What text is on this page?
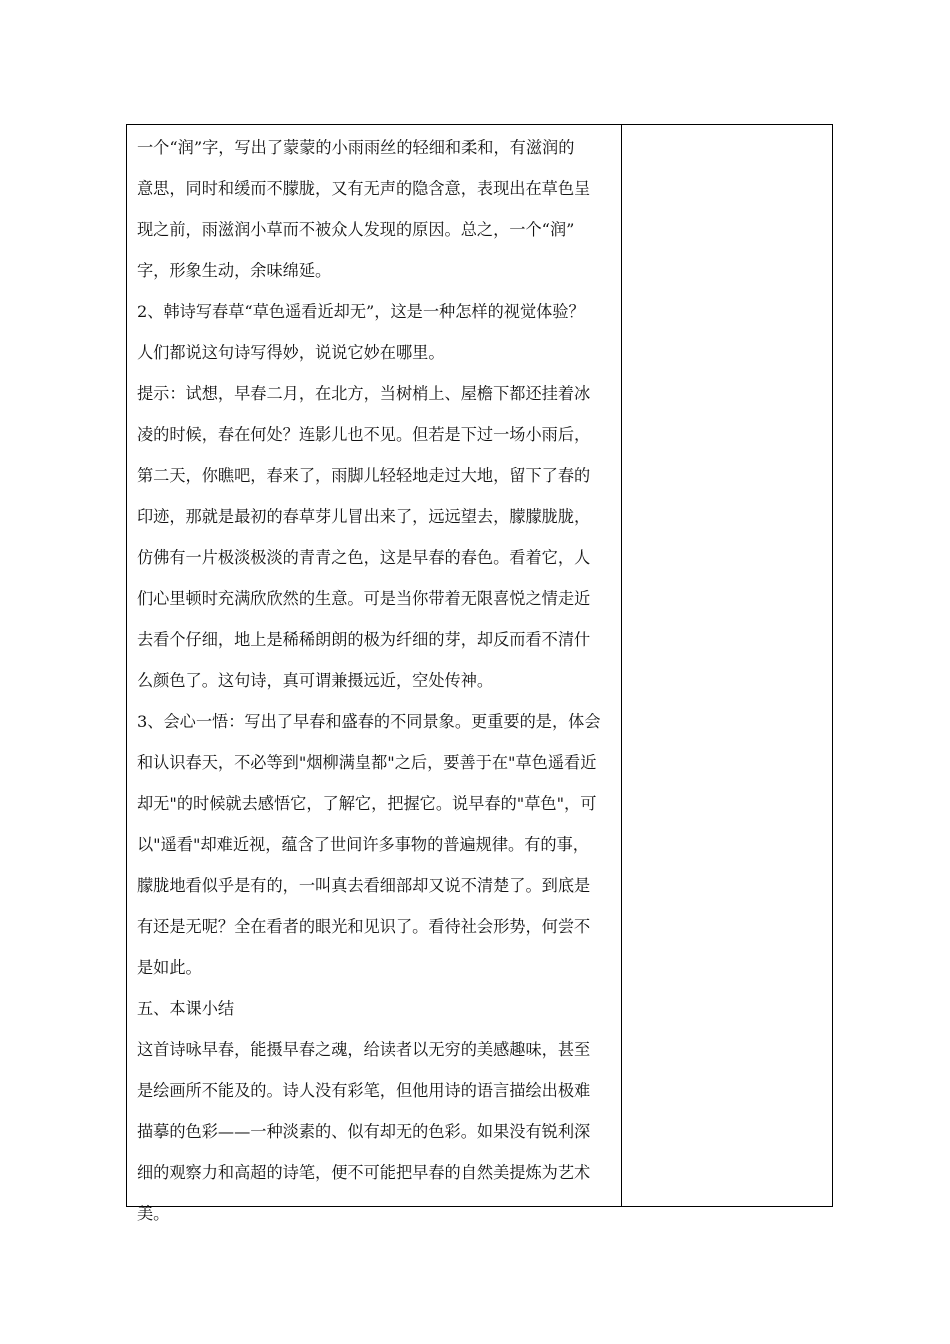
一个“润”字，写出了蒙蒙的小雨雨丝的轻细和柔和，有滋润的
意思，同时和缓而不朦胧，又有无声的隐含意，表现出在草色呈
现之前，雨滋润小草而不被众人发现的原因。总之，一个“润”
字，形象生动，余味绵延。
2、韩诗写春草“草色遥看近却无”，这是一种怎样的视觉体验？
人们都说这句诗写得妙，说说它妙在哪里。
提示：试想，早春二月，在北方，当树梢上、屋檐下都还挂着冰
凌的时候，春在何处？连影儿也不见。但若是下过一场小雨后，
第二天，你瞧吧，春来了，雨脚儿轻轻地走过大地，留下了春的
印迹，那就是最初的春草芽儿冒出来了，远远望去，朦朦胧胧，
仿佛有一片极淡极淡的青青之色，这是早春的春色。看着它，人
们心里顿时充满欣欣然的生意。可是当你带着无限喜悦之情走近
去看个仔细，地上是稀稀朗朗的极为纤细的芽，却反而看不清什
么颜色了。这句诗，真可谓兼摄远近，空处传神。
3、会心一悟：写出了早春和盛春的不同景象。更重要的是，体会
和认识春天，不必等到"烟柳满皇都"之后，要善于在"草色遥看近
却无"的时候就去感悟它，了解它，把握它。说早春的"草色"，可
以"遥看"却难近视，蕴含了世间许多事物的普遍规律。有的事，
朦胧地看似乎是有的，一叫真去看细部却又说不清楚了。到底是
有还是无呢？全在看者的眼光和见识了。看待社会形势，何尝不
是如此。
五、本课小结
这首诗咏早春，能摄早春之魂，给读者以无穷的美感趣味，甚至
是绘画所不能及的。诗人没有彩笔，但他用诗的语言描绘出极难
描摹的色彩——一种淡素的、似有却无的色彩。如果没有锐利深
细的观察力和高超的诗笔，便不可能把早春的自然美提炼为艺术
美。
